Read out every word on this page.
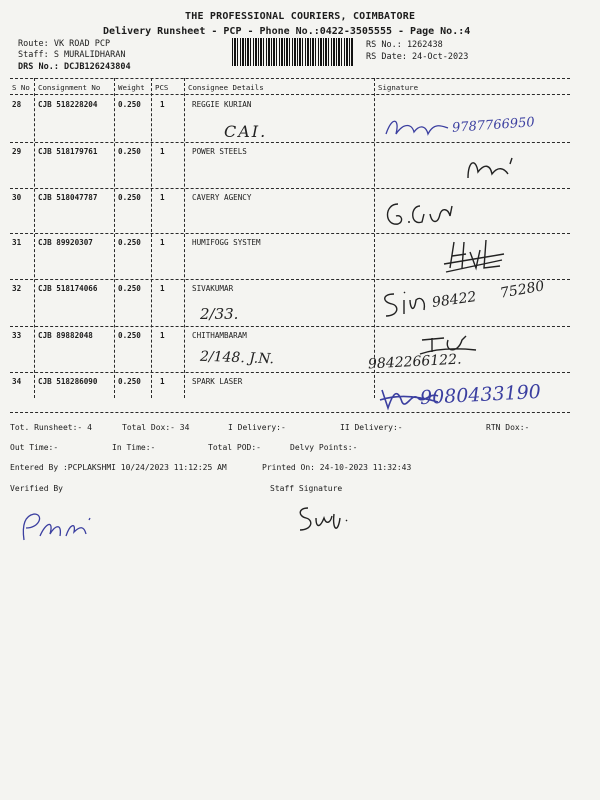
THE PROFESSIONAL COURIERS, COIMBATORE
Delivery Runsheet - PCP - Phone No.:0422-3505555 - Page No.:4
Route: VK ROAD PCP
Staff: S MURALIDHARAN
DRS No.: DCJB126243804
RS No.: 1262438
RS Date: 24-Oct-2023
S No Consignment No Weight PCS	Consignee Details	Signature
28 CJB 518228204	0.250	1	REGGIE KURIAN
CAI.	9787766950
29 CJB 518179761	0.250	1	POWER STEELS
30 CJB 518047787	0.250	1	CAVERY AGENCY
31 CJB 89920307	0.250	1	HUMIFOGG SYSTEM
32 CJB 518174066	0.250	1	SIVAKUMAR
2/33.
98422 75280
33 CJB 89882048	0.250	1	CHITHAMBARAM
2/148. J.N.	9842266122.
34 CJB 518286090	0.250	1	SPARK LASER	9080433190
Tot. Runsheet:- 4	Total Dox:- 34	I Delivery:-	II Delivery:-	RTN Dox:-
Out Time:-	In Time:-	Total POD:-	Delvy Points:-
Entered By :PCPLAKSHMI 10/24/2023 11:12:25 AM	Printed On: 24-10-2023 11:32:43
Verified By	Staff Signature
